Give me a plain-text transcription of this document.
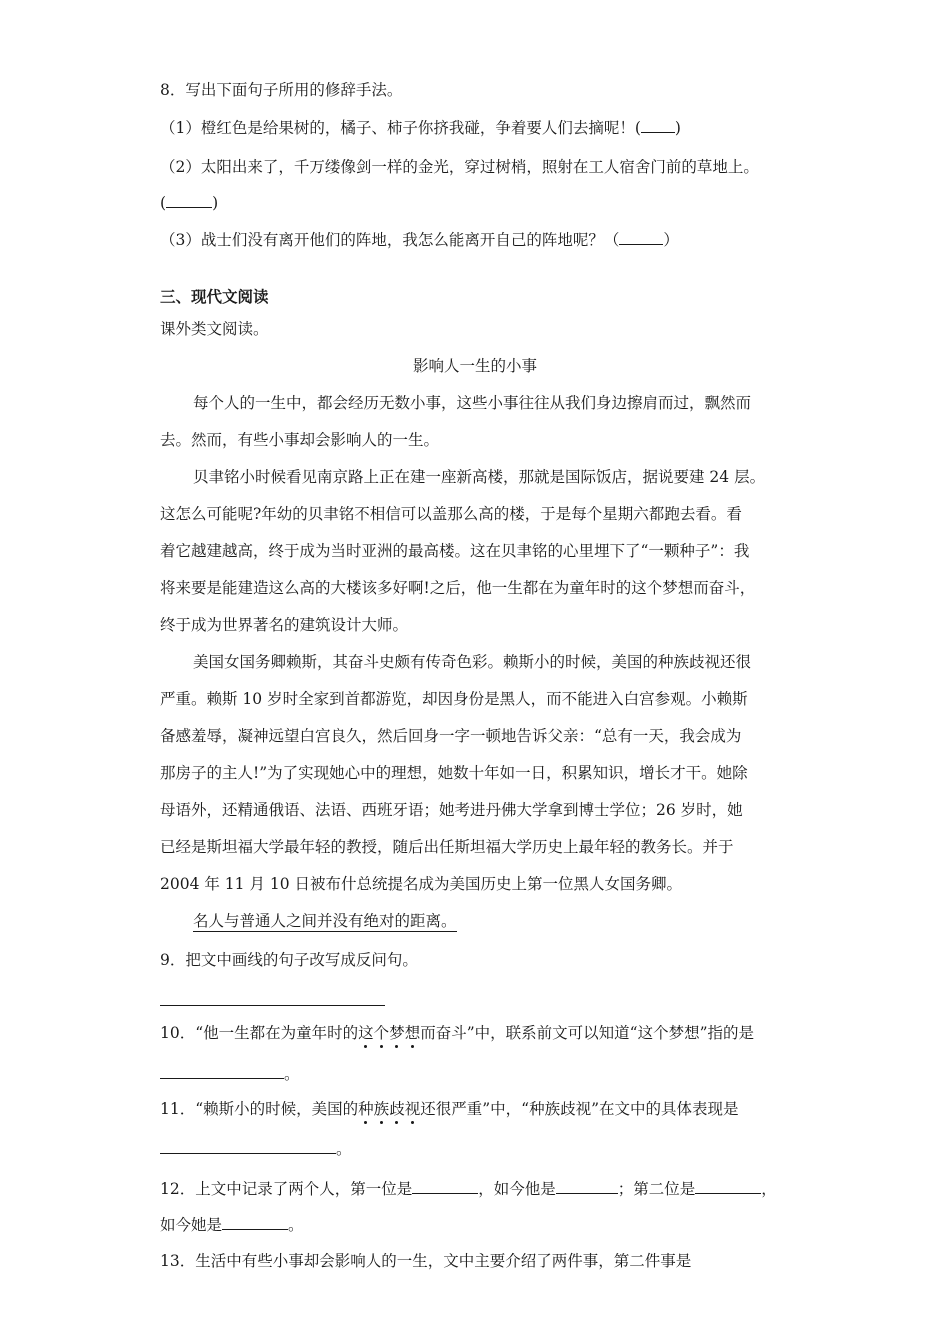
8．写出下面句子所用的修辞手法。
（1）橙红色是给果树的，橘子、柿子你挤我碰，争着要人们去摘呢！( )
（2）太阳出来了，千万缕像剑一样的金光，穿过树梢，照射在工人宿舍门前的草地上。
(	)
（3）战士们没有离开他们的阵地，我怎么能离开自己的阵地呢？（	）
三、现代文阅读
课外类文阅读。
影响人一生的小事
每个人的一生中，都会经历无数小事，这些小事往往从我们身边擦肩而过，飘然而
去。然而，有些小事却会影响人的一生。
贝聿铭小时候看见南京路上正在建一座新高楼，那就是国际饭店，据说要建 24 层。
这怎么可能呢?年幼的贝聿铭不相信可以盖那么高的楼，于是每个星期六都跑去看。看
着它越建越高，终于成为当时亚洲的最高楼。这在贝聿铭的心里埋下了“一颗种子”：我
将来要是能建造这么高的大楼该多好啊!之后，他一生都在为童年时的这个梦想而奋斗，
终于成为世界著名的建筑设计大师。
美国女国务卿赖斯，其奋斗史颇有传奇色彩。赖斯小的时候，美国的种族歧视还很
严重。赖斯 10 岁时全家到首都游览，却因身份是黑人，而不能进入白宫参观。小赖斯
备感羞辱，凝神远望白宫良久，然后回身一字一顿地告诉父亲：“总有一天，我会成为
那房子的主人!”为了实现她心中的理想，她数十年如一日，积累知识，增长才干。她除
母语外，还精通俄语、法语、西班牙语；她考进丹佛大学拿到博士学位；26 岁时，她
已经是斯坦福大学最年轻的教授，随后出任斯坦福大学历史上最年轻的教务长。并于
2004 年 11 月 10 日被布什总统提名成为美国历史上第一位黑人女国务卿。
名人与普通人之间并没有绝对的距离。
9．把文中画线的句子改写成反问句。
10．“他一生都在为童年时的这个梦想而奋斗”中，联系前文可以知道“这个梦想”指的是
。
11．“赖斯小的时候，美国的种族歧视还很严重”中，“种族歧视”在文中的具体表现是
。
12．上文中记录了两个人，第一位是	，如今他是	；第二位是	，
如今她是	。
13．生活中有些小事却会影响人的一生，文中主要介绍了两件事，第二件事是
